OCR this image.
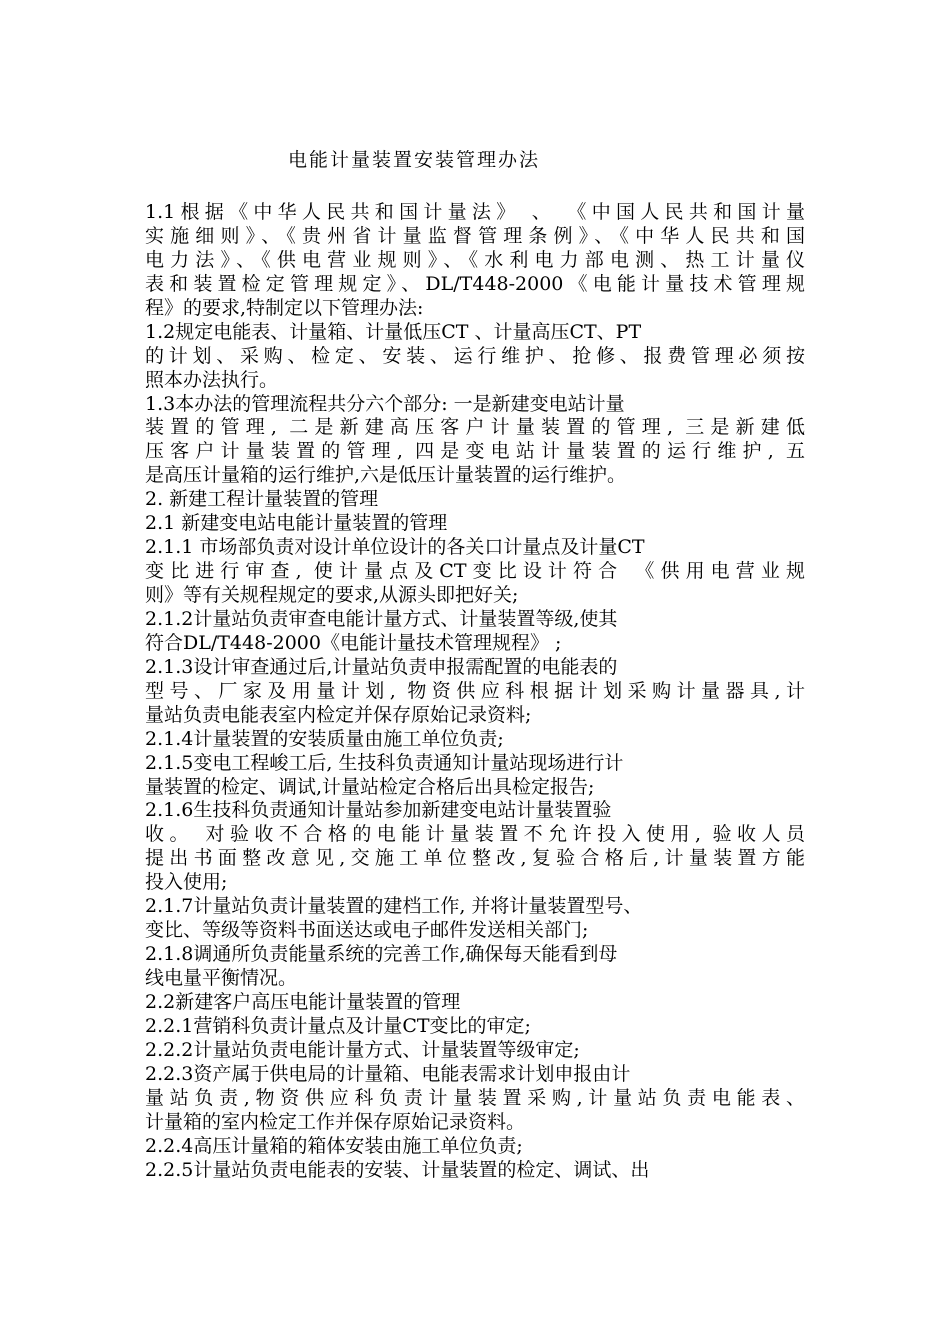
电能计量装置安装管理办法
1.1根据《中华人民共和国计量法》 、 《中国人民共和国计量
实施细则》、《贵州省计量监督管理条例》、《中华人民共和国
电力法》、《供电营业规则》、《水利电力部电测、热工计量仪
表和装置检定管理规定》、DL/T448-2000《电能计量技术管理规
程》的要求,特制定以下管理办法:
1.2规定电能表、计量箱、计量低压CT 、计量高压CT、PT
的计划、采购、检定、安装、运行维护、抢修、报费管理必须按
照本办法执行。
1.3本办法的管理流程共分六个部分: 一是新建变电站计量
装置的管理, 二是新建高压客户计量装置的管理, 三是新建低
压客户计量装置的管理, 四是变电站计量装置的运行维护, 五
是高压计量箱的运行维护,六是低压计量装置的运行维护。
2. 新建工程计量装置的管理
2.1 新建变电站电能计量装置的管理
2.1.1 市场部负责对设计单位设计的各关口计量点及计量CT
变比进行审查, 使计量点及CT变比设计符合 《供用电营业规
则》等有关规程规定的要求,从源头即把好关;
2.1.2计量站负责审查电能计量方式、计量装置等级,使其
符合DL/T448-2000《电能计量技术管理规程》 ;
2.1.3设计审查通过后,计量站负责申报需配置的电能表的
型号、厂家及用量计划, 物资供应科根据计划采购计量器具,计
量站负责电能表室内检定并保存原始记录资料;
2.1.4计量装置的安装质量由施工单位负责;
2.1.5变电工程峻工后, 生技科负责通知计量站现场进行计
量装置的检定、调试,计量站检定合格后出具检定报告;
2.1.6生技科负责通知计量站参加新建变电站计量装置验
收。 对验收不合格的电能计量装置不允许投入使用, 验收人员
提出书面整改意见,交施工单位整改,复验合格后,计量装置方能
投入使用;
2.1.7计量站负责计量装置的建档工作, 并将计量装置型号、
变比、等级等资料书面送达或电子邮件发送相关部门;
2.1.8调通所负责能量系统的完善工作,确保每天能看到母
线电量平衡情况。
2.2新建客户高压电能计量装置的管理
2.2.1营销科负责计量点及计量CT变比的审定;
2.2.2计量站负责电能计量方式、计量装置等级审定;
2.2.3资产属于供电局的计量箱、电能表需求计划申报由计
量站负责,物资供应科负责计量装置采购,计量站负责电能表、
计量箱的室内检定工作并保存原始记录资料。
2.2.4高压计量箱的箱体安装由施工单位负责;
2.2.5计量站负责电能表的安装、计量装置的检定、调试、出
